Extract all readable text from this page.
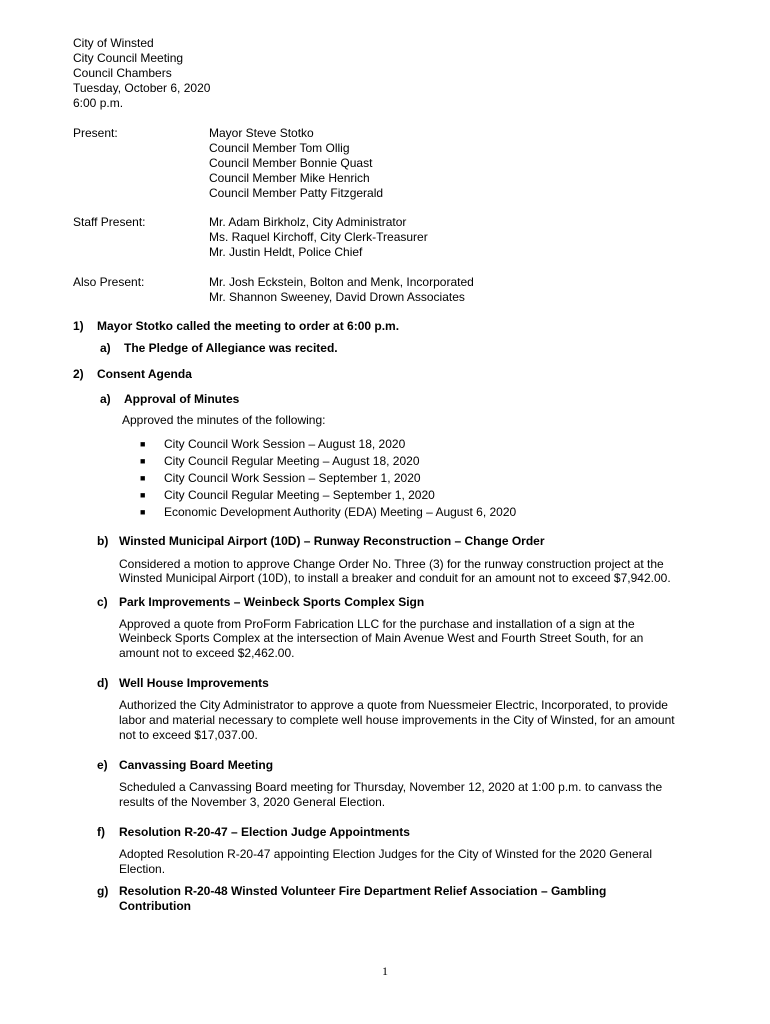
City of Winsted
City Council Meeting
Council Chambers
Tuesday, October 6, 2020
6:00 p.m.
Present:	Mayor Steve Stotko
Council Member Tom Ollig
Council Member Bonnie Quast
Council Member Mike Henrich
Council Member Patty Fitzgerald
Staff Present:	Mr. Adam Birkholz, City Administrator
Ms. Raquel Kirchoff, City Clerk-Treasurer
Mr. Justin Heldt, Police Chief
Also Present:	Mr. Josh Eckstein, Bolton and Menk, Incorporated
Mr. Shannon Sweeney, David Drown Associates
1) Mayor Stotko called the meeting to order at 6:00 p.m.
a) The Pledge of Allegiance was recited.
2) Consent Agenda
a) Approval of Minutes
Approved the minutes of the following:
■ City Council Work Session – August 18, 2020
■ City Council Regular Meeting – August 18, 2020
■ City Council Work Session – September 1, 2020
■ City Council Regular Meeting – September 1, 2020
■ Economic Development Authority (EDA) Meeting – August 6, 2020
b) Winsted Municipal Airport (10D) – Runway Reconstruction – Change Order
Considered a motion to approve Change Order No. Three (3) for the runway construction project at the
Winsted Municipal Airport (10D), to install a breaker and conduit for an amount not to exceed $7,942.00.
c) Park Improvements – Weinbeck Sports Complex Sign
Approved a quote from ProForm Fabrication LLC for the purchase and installation of a sign at the
Weinbeck Sports Complex at the intersection of Main Avenue West and Fourth Street South, for an
amount not to exceed $2,462.00.
d) Well House Improvements
Authorized the City Administrator to approve a quote from Nuessmeier Electric, Incorporated, to provide
labor and material necessary to complete well house improvements in the City of Winsted, for an amount
not to exceed $17,037.00.
e) Canvassing Board Meeting
Scheduled a Canvassing Board meeting for Thursday, November 12, 2020 at 1:00 p.m. to canvass the
results of the November 3, 2020 General Election.
f) Resolution R-20-47 – Election Judge Appointments
Adopted Resolution R-20-47 appointing Election Judges for the City of Winsted for the 2020 General
Election.
g) Resolution R-20-48 Winsted Volunteer Fire Department Relief Association – Gambling
Contribution
1
